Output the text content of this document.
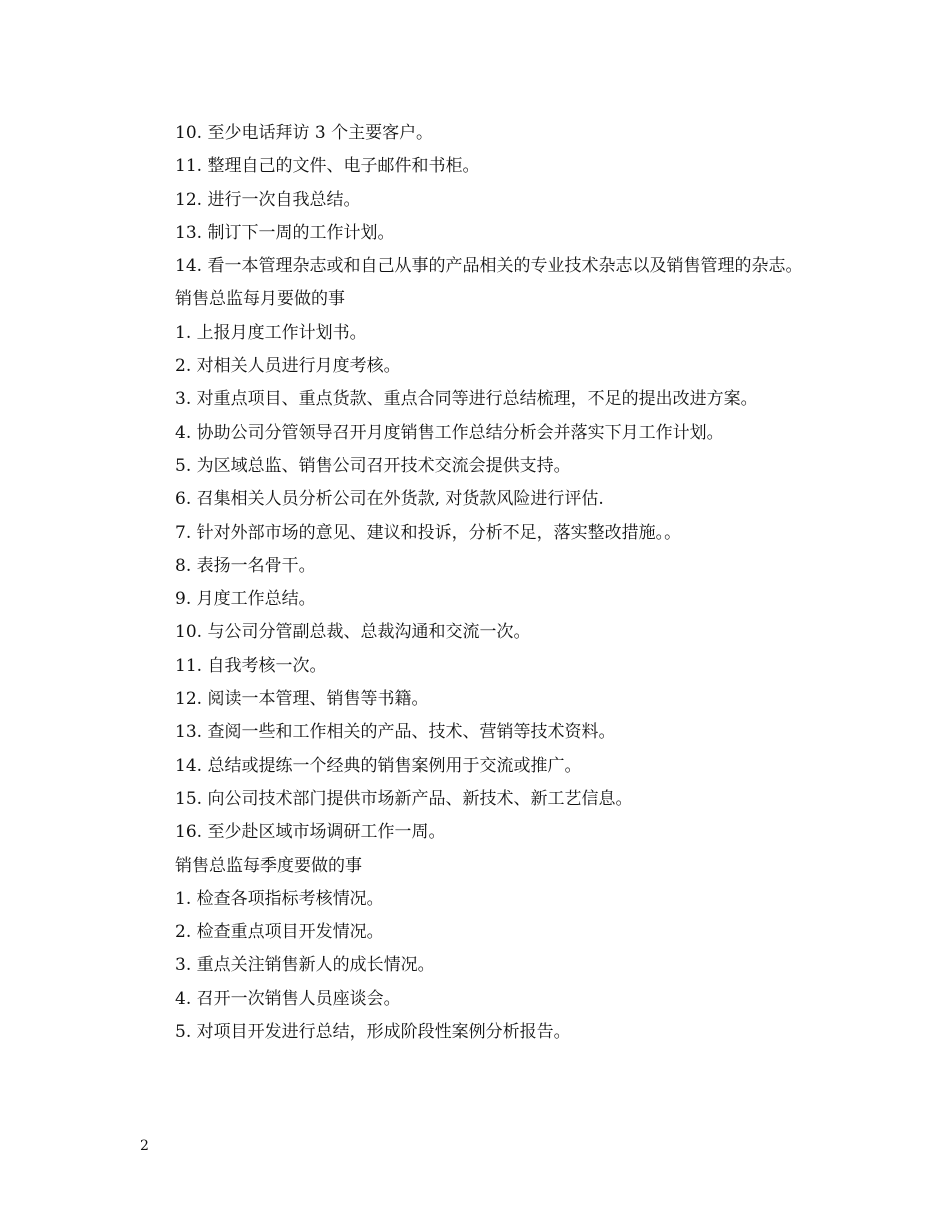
10. 至少电话拜访 3 个主要客户。

11. 整理自己的文件、电子邮件和书柜。

12. 进行一次自我总结。

13. 制订下一周的工作计划。

14. 看一本管理杂志或和自己从事的产品相关的专业技术杂志以及销售管理的杂志。

销售总监每月要做的事

1. 上报月度工作计划书。

2. 对相关人员进行月度考核。

3. 对重点项目、重点货款、重点合同等进行总结梳理，不足的提出改进方案。

4. 协助公司分管领导召开月度销售工作总结分析会并落实下月工作计划。

5. 为区域总监、销售公司召开技术交流会提供支持。

6. 召集相关人员分析公司在外货款, 对货款风险进行评估.

7. 针对外部市场的意见、建议和投诉，分析不足，落实整改措施。。

8. 表扬一名骨干。

9. 月度工作总结。

10. 与公司分管副总裁、总裁沟通和交流一次。

11. 自我考核一次。

12. 阅读一本管理、销售等书籍。

13. 查阅一些和工作相关的产品、技术、营销等技术资料。

14. 总结或提练一个经典的销售案例用于交流或推广。

15. 向公司技术部门提供市场新产品、新技术、新工艺信息。

16. 至少赴区域市场调研工作一周。

销售总监每季度要做的事

1. 检查各项指标考核情况。

2. 检查重点项目开发情况。

3. 重点关注销售新人的成长情况。

4. 召开一次销售人员座谈会。

5. 对项目开发进行总结，形成阶段性案例分析报告。

2
